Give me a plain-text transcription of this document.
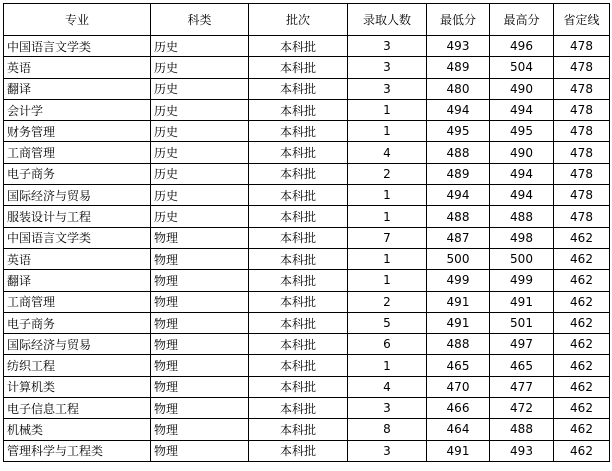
专业	科类	批次	录取人数	最低分	最高分	省定线
中国语言文学类	历史	本科批	3	493	496	478
英语	历史	本科批	3	489	504	478
翻译	历史	本科批	3	480	490	478
会计学	历史	本科批	1	494	494	478
财务管理	历史	本科批	1	495	495	478
工商管理	历史	本科批	4	488	490	478
电子商务	历史	本科批	2	489	494	478
国际经济与贸易	历史	本科批	1	494	494	478
服装设计与工程	历史	本科批	1	488	488	478
中国语言文学类	物理	本科批	7	487	498	462
英语	物理	本科批	1	500	500	462
翻译	物理	本科批	1	499	499	462
工商管理	物理	本科批	2	491	491	462
电子商务	物理	本科批	5	491	501	462
国际经济与贸易	物理	本科批	6	488	497	462
纺织工程	物理	本科批	1	465	465	462
计算机类	物理	本科批	4	470	477	462
电子信息工程	物理	本科批	3	466	472	462
机械类	物理	本科批	8	464	488	462
管理科学与工程类	物理	本科批	3	491	493	462
